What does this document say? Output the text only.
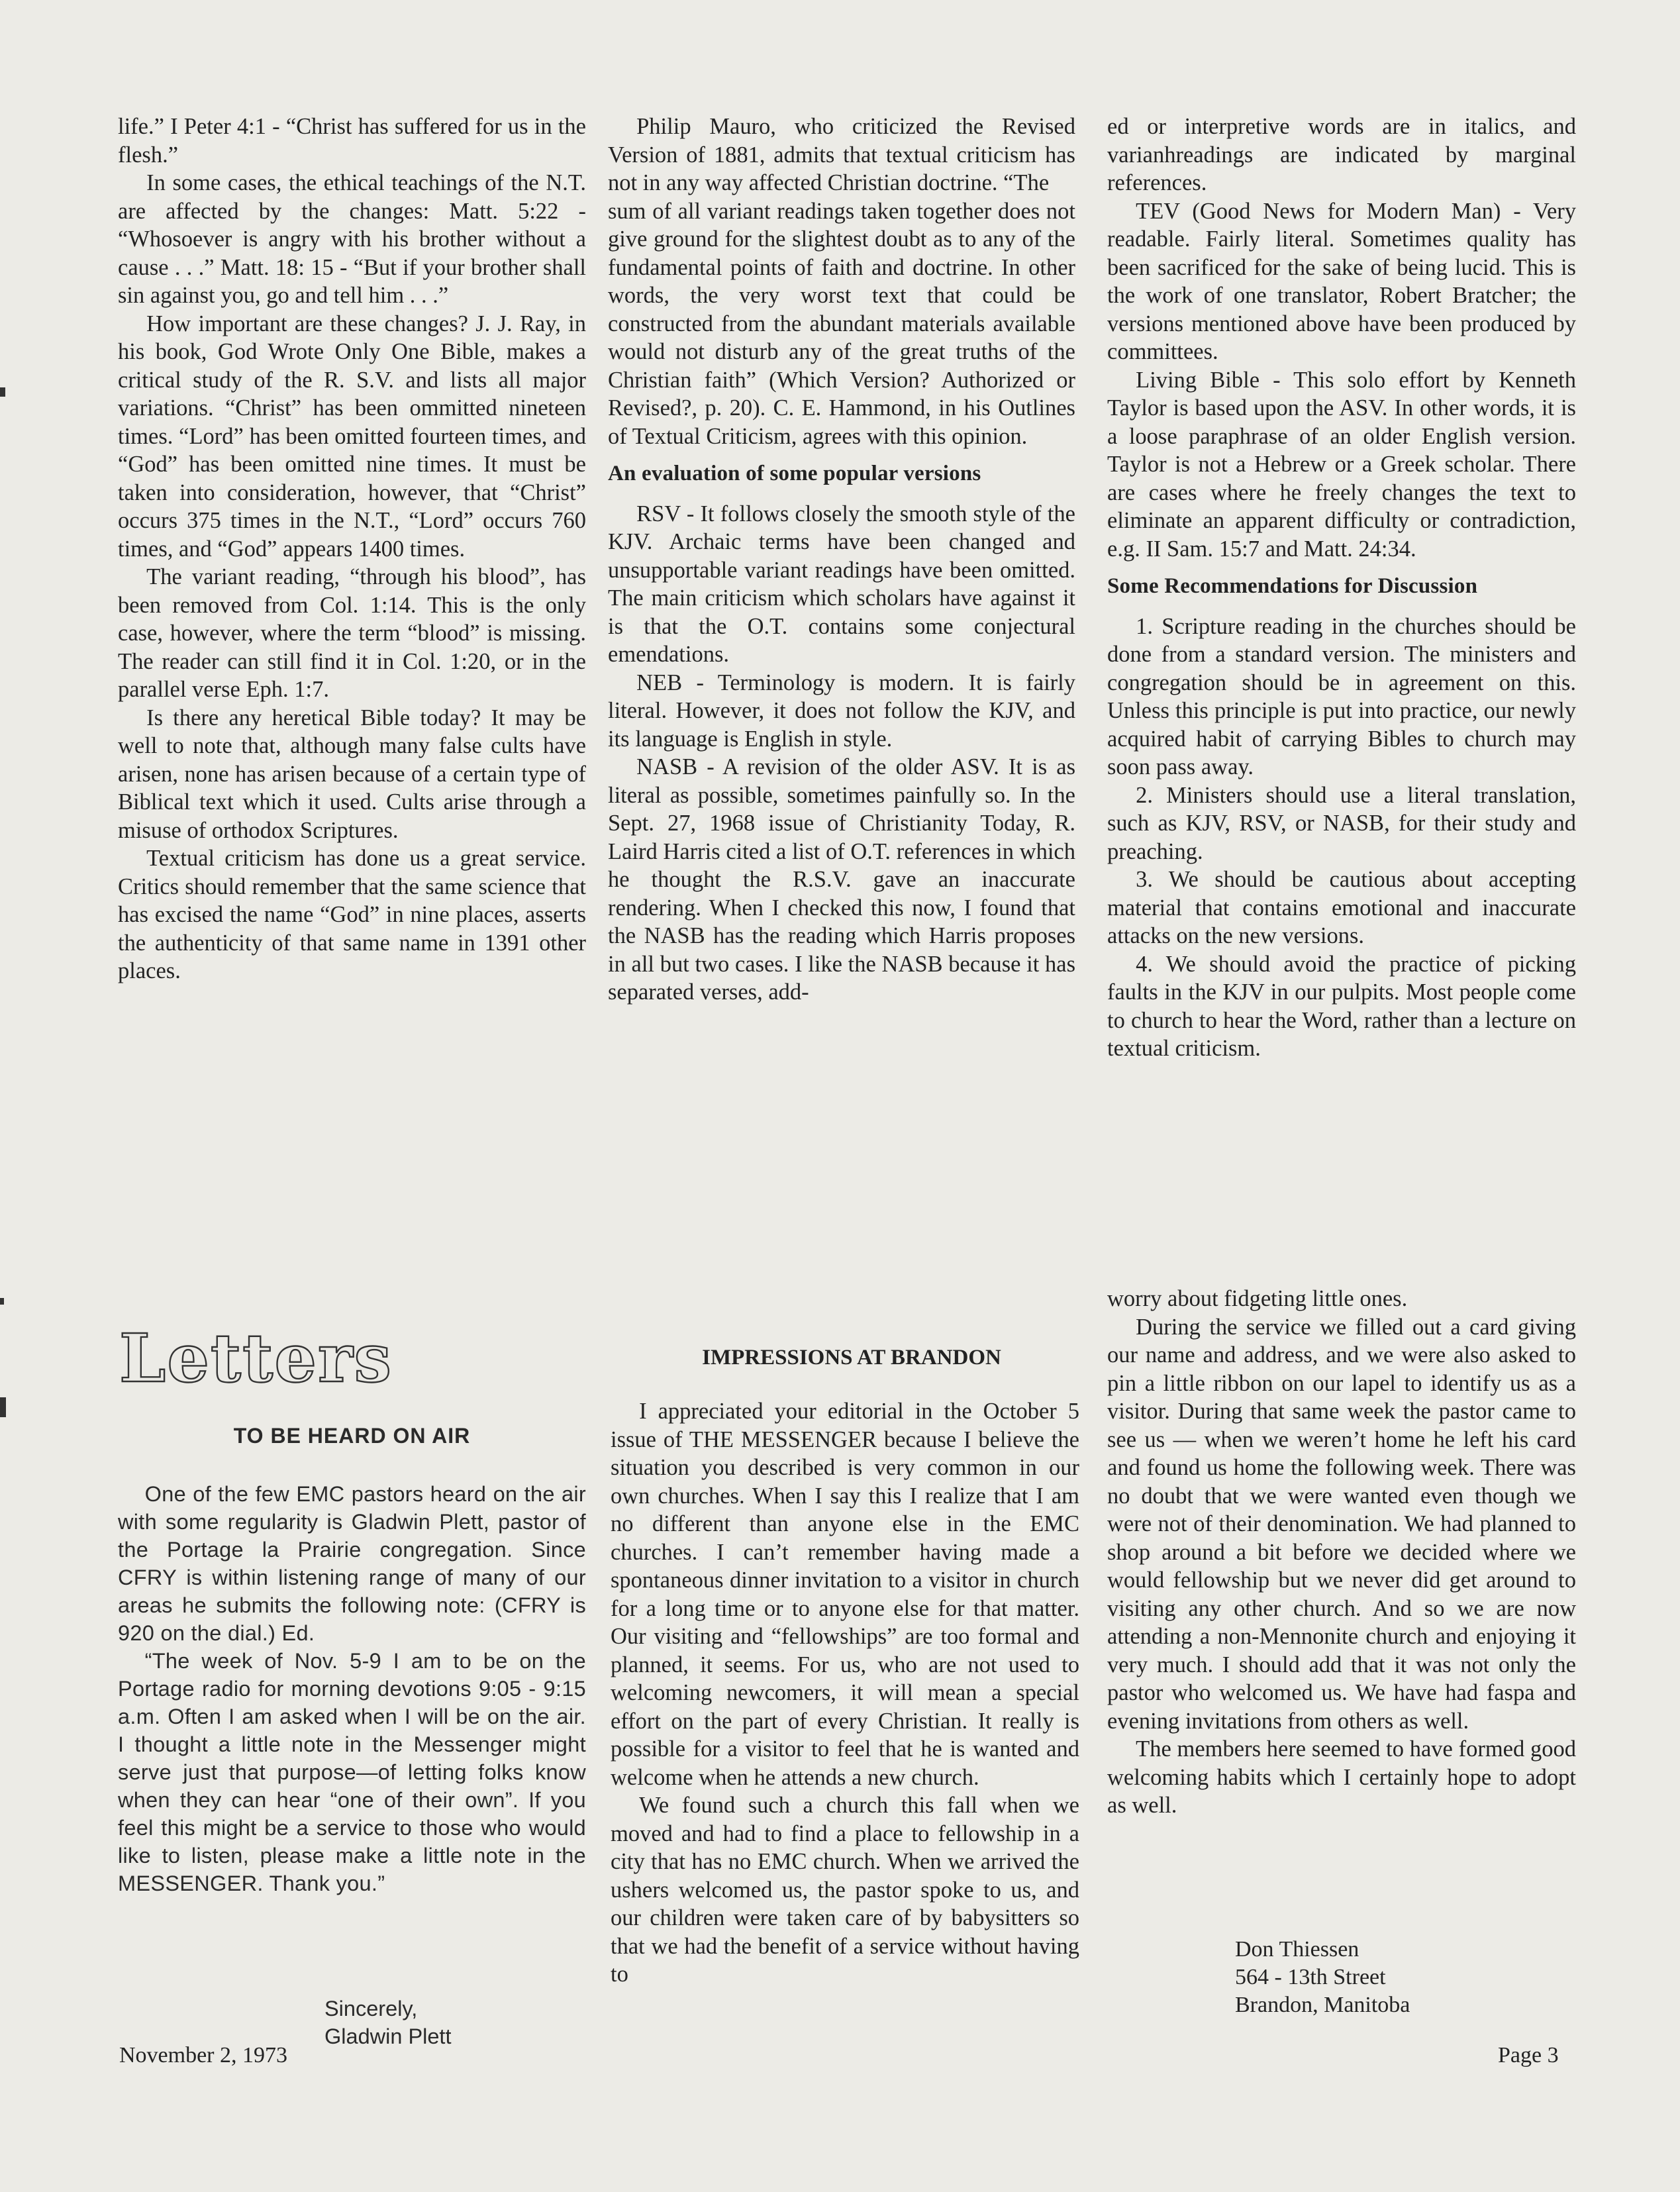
life.” I Peter 4:1 - “Christ has suffered for us in the flesh.”

In some cases, the ethical teachings of the N.T. are affected by the changes: Matt. 5:22 - “Whosoever is angry with his brother without a cause . . .” Matt. 18: 15 - “But if your brother shall sin against you, go and tell him . . .”

How important are these changes? J. J. Ray, in his book, God Wrote Only One Bible, makes a critical study of the R. S.V. and lists all major variations. “Christ” has been ommitted nineteen times. “Lord” has been omitted fourteen times, and “God” has been omitted nine times. It must be taken into consideration, however, that “Christ” occurs 375 times in the N.T., “Lord” occurs 760 times, and “God” appears 1400 times.

The variant reading, “through his blood”, has been removed from Col. 1:14. This is the only case, however, where the term “blood” is missing. The reader can still find it in Col. 1:20, or in the parallel verse Eph. 1:7.

Is there any heretical Bible today? It may be well to note that, although many false cults have arisen, none has arisen because of a certain type of Biblical text which it used. Cults arise through a misuse of orthodox Scriptures.

Textual criticism has done us a great service. Critics should remember that the same science that has excised the name “God” in nine places, asserts the authenticity of that same name in 1391 other places.

Philip Mauro, who criticized the Revised Version of 1881, admits that textual criticism has not in any way affected Christian doctrine. “The

sum of all variant readings taken together does not give ground for the slightest doubt as to any of the fundamental points of faith and doctrine. In other words, the very worst text that could be constructed from the abundant materials available would not disturb any of the great truths of the Christian faith” (Which Version? Authorized or Revised?, p. 20). C. E. Hammond, in his Outlines of Textual Criticism, agrees with this opinion.

An evaluation of some popular versions

RSV - It follows closely the smooth style of the KJV. Archaic terms have been changed and unsupportable variant readings have been omitted. The main criticism which scholars have against it is that the O.T. contains some conjectural emendations.

NEB - Terminology is modern. It is fairly literal. However, it does not follow the KJV, and its language is English in style.

NASB - A revision of the older ASV. It is as literal as possible, sometimes painfully so. In the Sept. 27, 1968 issue of Christianity Today, R. Laird Harris cited a list of O.T. references in which he thought the R.S.V. gave an inaccurate rendering. When I checked this now, I found that the NASB has the reading which Harris proposes in all but two cases. I like the NASB because it has separated verses, add-

ed or interpretive words are in italics, and varianhreadings are indicated by marginal references.

TEV (Good News for Modern Man) - Very readable. Fairly literal. Sometimes quality has been sacrificed for the sake of being lucid. This is the work of one translator, Robert Bratcher; the versions mentioned above have been produced by committees.

Living Bible - This solo effort by Kenneth Taylor is based upon the ASV. In other words, it is a loose paraphrase of an older English version. Taylor is not a Hebrew or a Greek scholar. There are cases where he freely changes the text to eliminate an apparent difficulty or contradiction, e.g. II Sam. 15:7 and Matt. 24:34.

Some Recommendations for Discussion

1. Scripture reading in the churches should be done from a standard version. The ministers and congregation should be in agreement on this. Unless this principle is put into practice, our newly acquired habit of carrying Bibles to church may soon pass away.

2. Ministers should use a literal translation, such as KJV, RSV, or NASB, for their study and preaching.

3. We should be cautious about accepting material that contains emotional and inaccurate attacks on the new versions.

4. We should avoid the practice of picking faults in the KJV in our pulpits. Most people come to church to hear the Word, rather than a lecture on textual criticism.

Letters
TO BE HEARD ON AIR

One of the few EMC pastors heard on the air with some regularity is Gladwin Plett, pastor of the Portage la Prairie congregation. Since CFRY is within listening range of many of our areas he submits the following note: (CFRY is 920 on the dial.) Ed.

“The week of Nov. 5-9 I am to be on the Portage radio for morning devotions 9:05 - 9:15 a.m. Often I am asked when I will be on the air. I thought a little note in the Messenger might serve just that purpose—of letting folks know when they can hear “one of their own”. If you feel this might be a service to those who would like to listen, please make a little note in the MESSENGER. Thank you.”

Sincerely,
Gladwin Plett
IMPRESSIONS AT BRANDON

I appreciated your editorial in the October 5 issue of THE MESSENGER because I believe the situation you described is very common in our own churches. When I say this I realize that I am no different than anyone else in the EMC churches. I can’t remember having made a spontaneous dinner invitation to a visitor in church for a long time or to anyone else for that matter. Our visiting and “fellowships” are too formal and planned, it seems. For us, who are not used to welcoming newcomers, it will mean a special effort on the part of every Christian. It really is possible for a visitor to feel that he is wanted and welcome when he attends a new church.

We found such a church this fall when we moved and had to find a place to fellowship in a city that has no EMC church. When we arrived the ushers welcomed us, the pastor spoke to us, and our children were taken care of by babysitters so that we had the benefit of a service without having to

worry about fidgeting little ones.

During the service we filled out a card giving our name and address, and we were also asked to pin a little ribbon on our lapel to identify us as a visitor. During that same week the pastor came to see us — when we weren’t home he left his card and found us home the following week. There was no doubt that we were wanted even though we were not of their denomination. We had planned to shop around a bit before we decided where we would fellowship but we never did get around to visiting any other church. And so we are now attending a non-Mennonite church and enjoying it very much. I should add that it was not only the pastor who welcomed us. We have had faspa and evening invitations from others as well.

The members here seemed to have formed good welcoming habits which I certainly hope to adopt as well.

Don Thiessen
564 - 13th Street
Brandon, Manitoba
November 2, 1973	Page 3
